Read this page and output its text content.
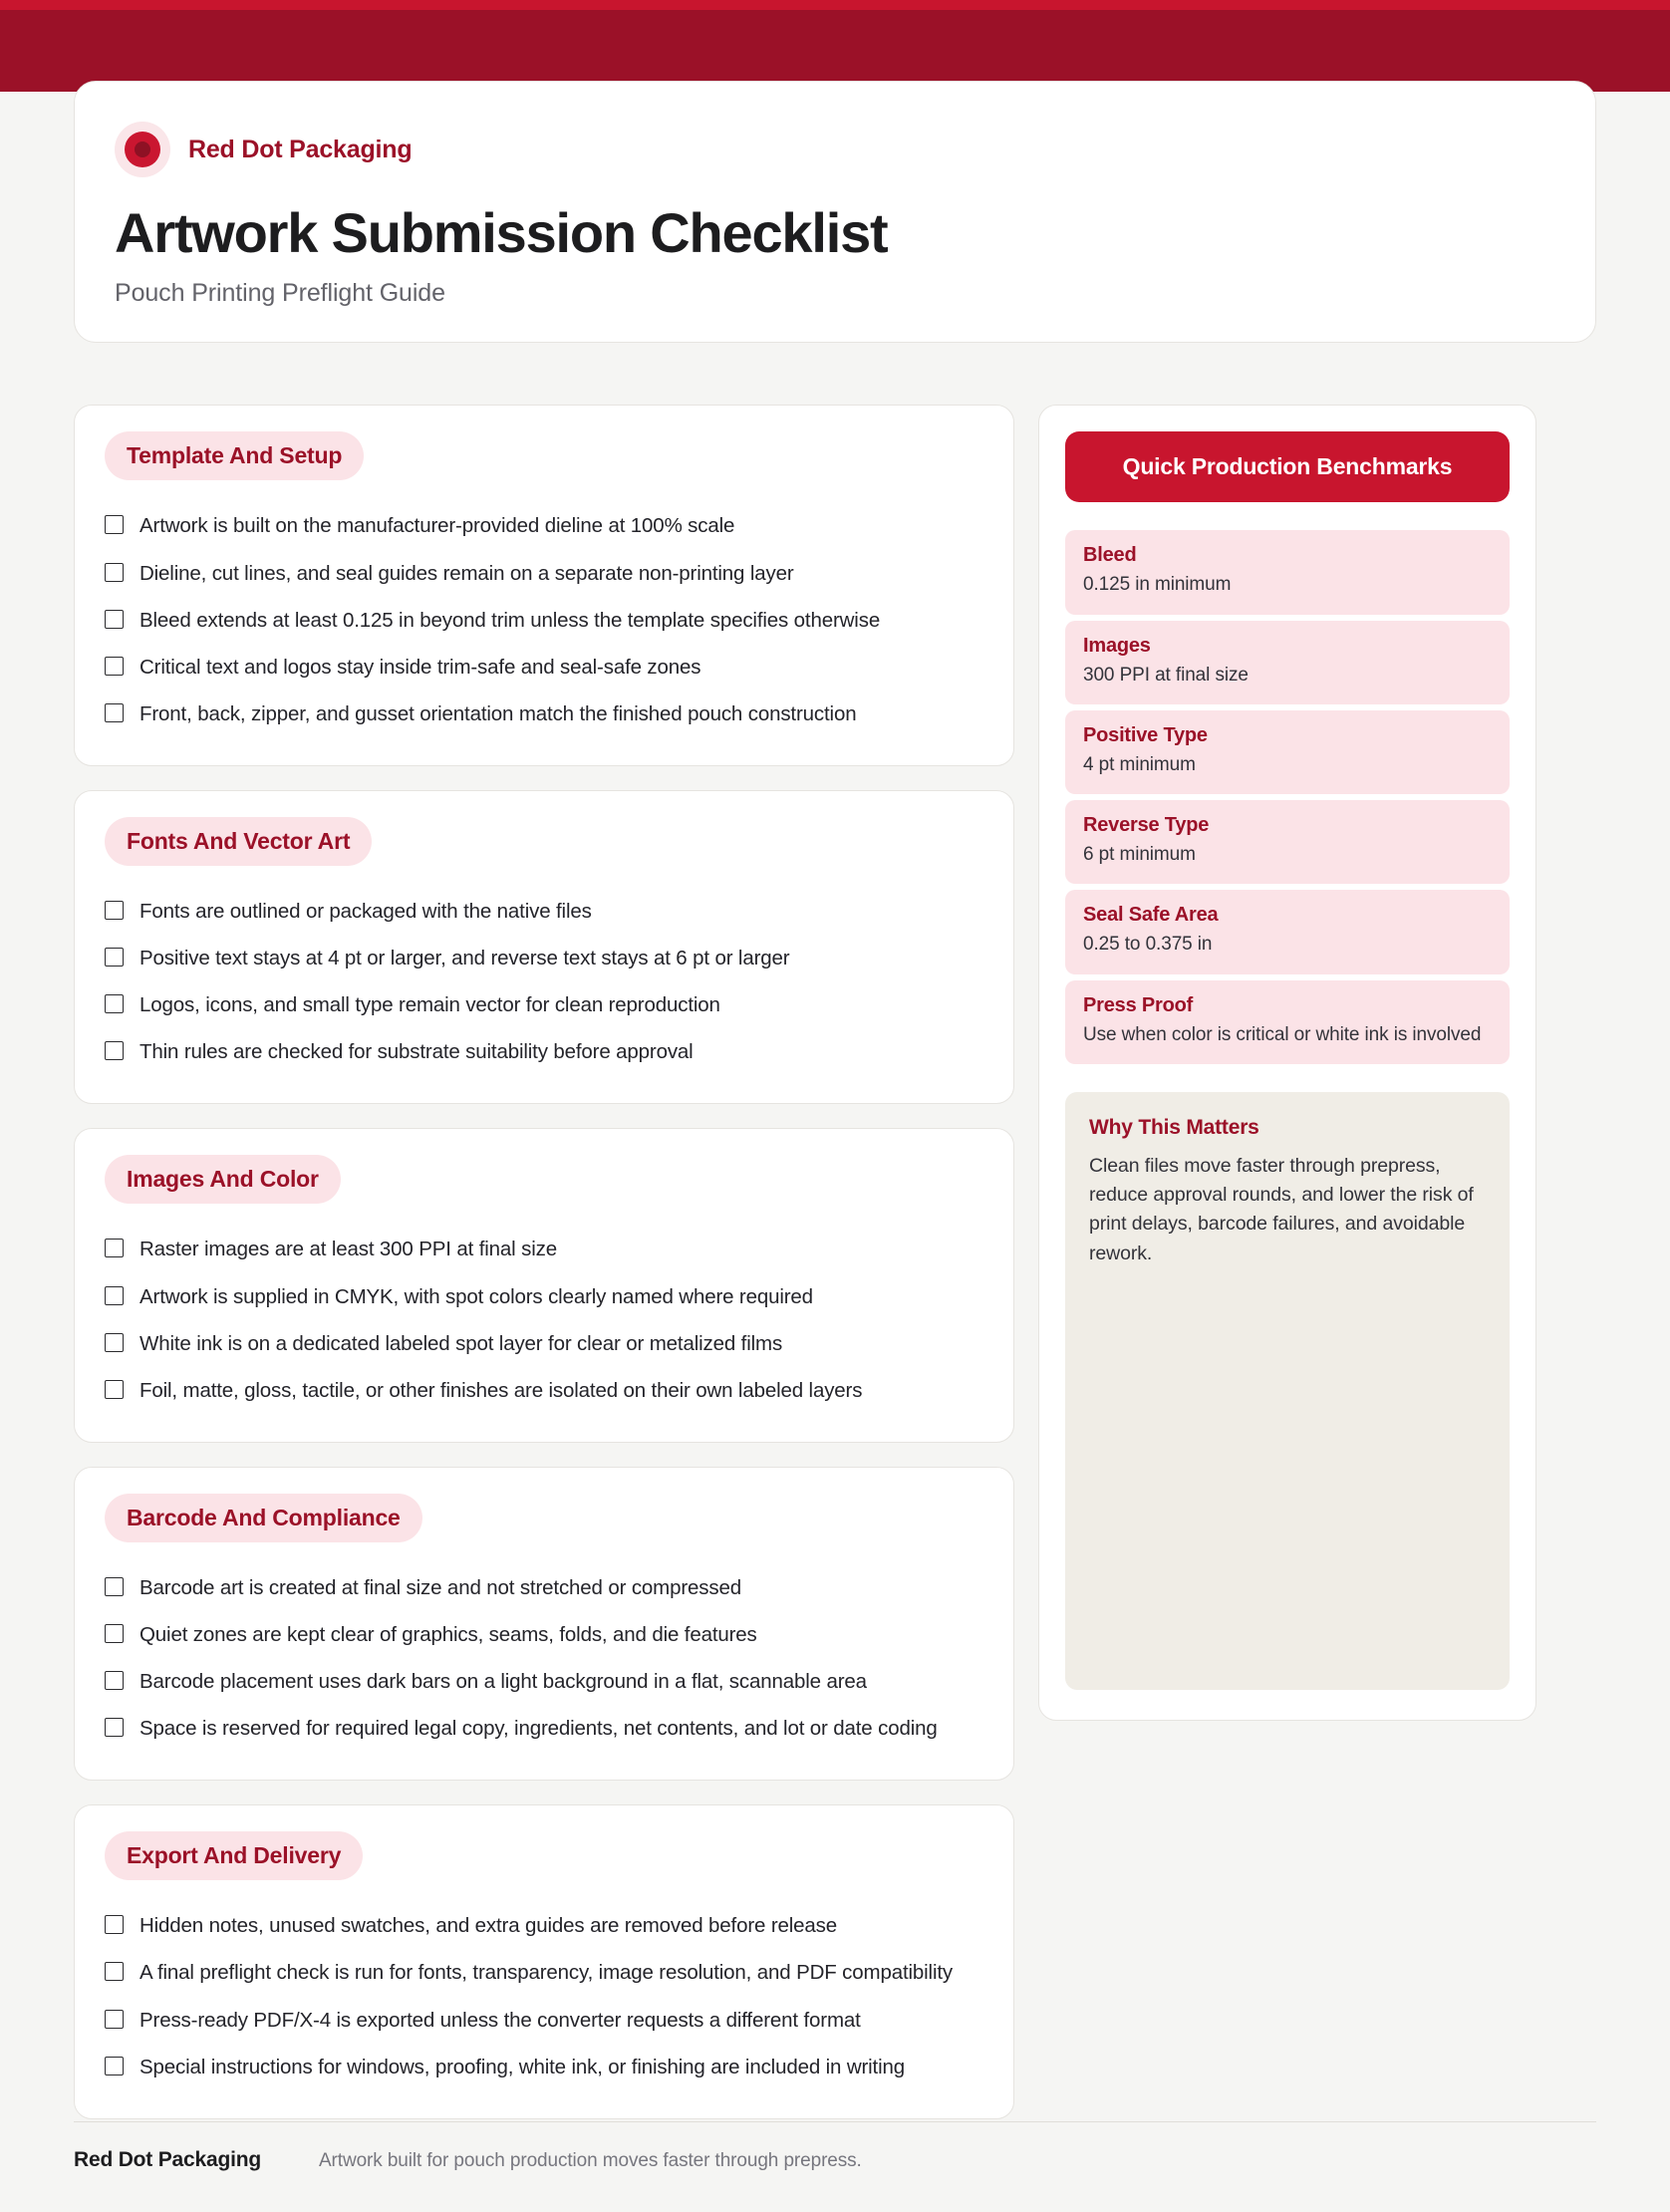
Red Dot Packaging
Artwork Submission Checklist
Pouch Printing Preflight Guide
Template And Setup
Artwork is built on the manufacturer-provided dieline at 100% scale
Dieline, cut lines, and seal guides remain on a separate non-printing layer
Bleed extends at least 0.125 in beyond trim unless the template specifies otherwise
Critical text and logos stay inside trim-safe and seal-safe zones
Front, back, zipper, and gusset orientation match the finished pouch construction
Fonts And Vector Art
Fonts are outlined or packaged with the native files
Positive text stays at 4 pt or larger, and reverse text stays at 6 pt or larger
Logos, icons, and small type remain vector for clean reproduction
Thin rules are checked for substrate suitability before approval
Images And Color
Raster images are at least 300 PPI at final size
Artwork is supplied in CMYK, with spot colors clearly named where required
White ink is on a dedicated labeled spot layer for clear or metalized films
Foil, matte, gloss, tactile, or other finishes are isolated on their own labeled layers
Barcode And Compliance
Barcode art is created at final size and not stretched or compressed
Quiet zones are kept clear of graphics, seams, folds, and die features
Barcode placement uses dark bars on a light background in a flat, scannable area
Space is reserved for required legal copy, ingredients, net contents, and lot or date coding
Export And Delivery
Hidden notes, unused swatches, and extra guides are removed before release
A final preflight check is run for fonts, transparency, image resolution, and PDF compatibility
Press-ready PDF/X-4 is exported unless the converter requests a different format
Special instructions for windows, proofing, white ink, or finishing are included in writing
Quick Production Benchmarks
Bleed
0.125 in minimum
Images
300 PPI at final size
Positive Type
4 pt minimum
Reverse Type
6 pt minimum
Seal Safe Area
0.25 to 0.375 in
Press Proof
Use when color is critical or white ink is involved
Why This Matters
Clean files move faster through prepress, reduce approval rounds, and lower the risk of print delays, barcode failures, and avoidable rework.
Red Dot Packaging	Artwork built for pouch production moves faster through prepress.
